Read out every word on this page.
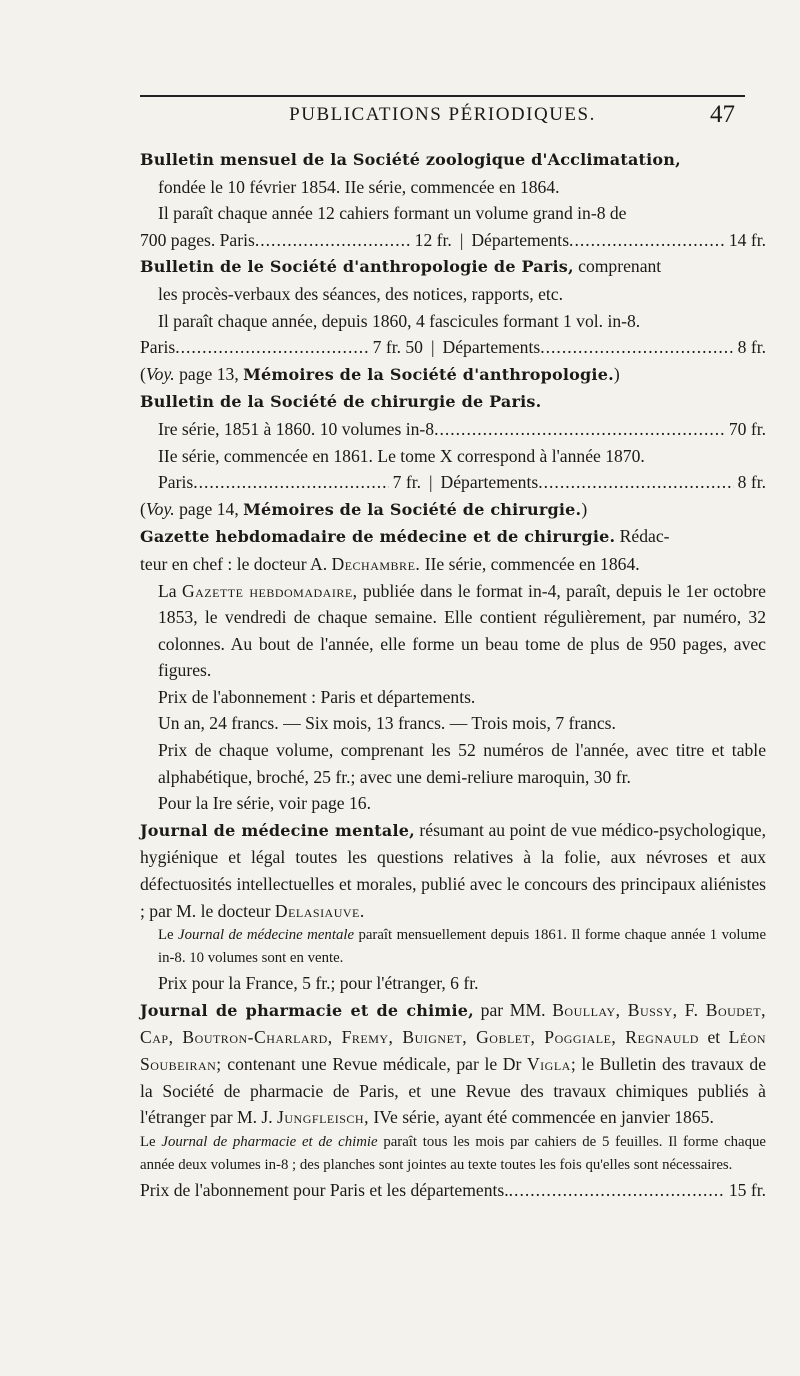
PUBLICATIONS PÉRIODIQUES.	47

Bulletin mensuel de la Société zoologique d'Acclimatation,

fondée le 10 février 1854. IIe série, commencée en 1864.

Il paraît chaque année 12 cahiers formant un volume grand in-8 de

700 pages. Paris .....	12 fr. | Départements .....	14 fr.

Bulletin de le Société d'anthropologie de Paris, comprenant

les procès-verbaux des séances, des notices, rapports, etc.

Il paraît chaque année, depuis 1860, 4 fascicules formant 1 vol. in-8.

Paris .....	7 fr. 50 | Départements .....	8 fr.

(Voy. page 13, Mémoires de la Société d'anthropologie.)

Bulletin de la Société de chirurgie de Paris.

Ire série, 1851 à 1860. 10 volumes in-8 .....	70 fr.

IIe série, commencée en 1861. Le tome X correspond à l'année 1870.

Paris .....	7 fr. | Départements .....	8 fr.

(Voy. page 14, Mémoires de la Société de chirurgie.)

Gazette hebdomadaire de médecine et de chirurgie. Rédac-

teur en chef : le docteur A. Dechambre. IIe série, commencée en 1864.

La Gazette hebdomadaire, publiée dans le format in-4, paraît, depuis le 1er octobre 1853, le vendredi de chaque semaine. Elle contient régulièrement, par numéro, 32 colonnes. Au bout de l'année, elle forme un beau tome de plus de 950 pages, avec figures.

Prix de l'abonnement : Paris et départements.

Un an, 24 francs. — Six mois, 13 francs. — Trois mois, 7 francs.

Prix de chaque volume, comprenant les 52 numéros de l'année, avec titre et table alphabétique, broché, 25 fr.; avec une demi-reliure maroquin, 30 fr.

Pour la Ire série, voir page 16.

Journal de médecine mentale, résumant au point de vue médico-psychologique, hygiénique et légal toutes les questions relatives à la folie, aux névroses et aux défectuosités intellectuelles et morales, publié avec le concours des principaux aliénistes ; par M. le docteur Delasiauve.

Le Journal de médecine mentale paraît mensuellement depuis 1861. Il forme chaque année 1 volume in-8. 10 volumes sont en vente.

Prix pour la France, 5 fr.; pour l'étranger, 6 fr.

Journal de pharmacie et de chimie, par MM. Boullay, Bussy, F. Boudet, Cap, Boutron-Charlard, Fremy, Buignet, Goblet, Poggiale, Regnauld et Léon Soubeiran; contenant une Revue médicale, par le Dr Vigla; le Bulletin des travaux de la Société de pharmacie de Paris, et une Revue des travaux chimiques publiés à l'étranger par M. J. Jungfleisch, IVe série, ayant été commencée en janvier 1865.

Le Journal de pharmacie et de chimie paraît tous les mois par cahiers de 5 feuilles. Il forme chaque année deux volumes in-8 ; des planches sont jointes au texte toutes les fois qu'elles sont nécessaires.

Prix de l'abonnement pour Paris et les départements. .....	15 fr.
